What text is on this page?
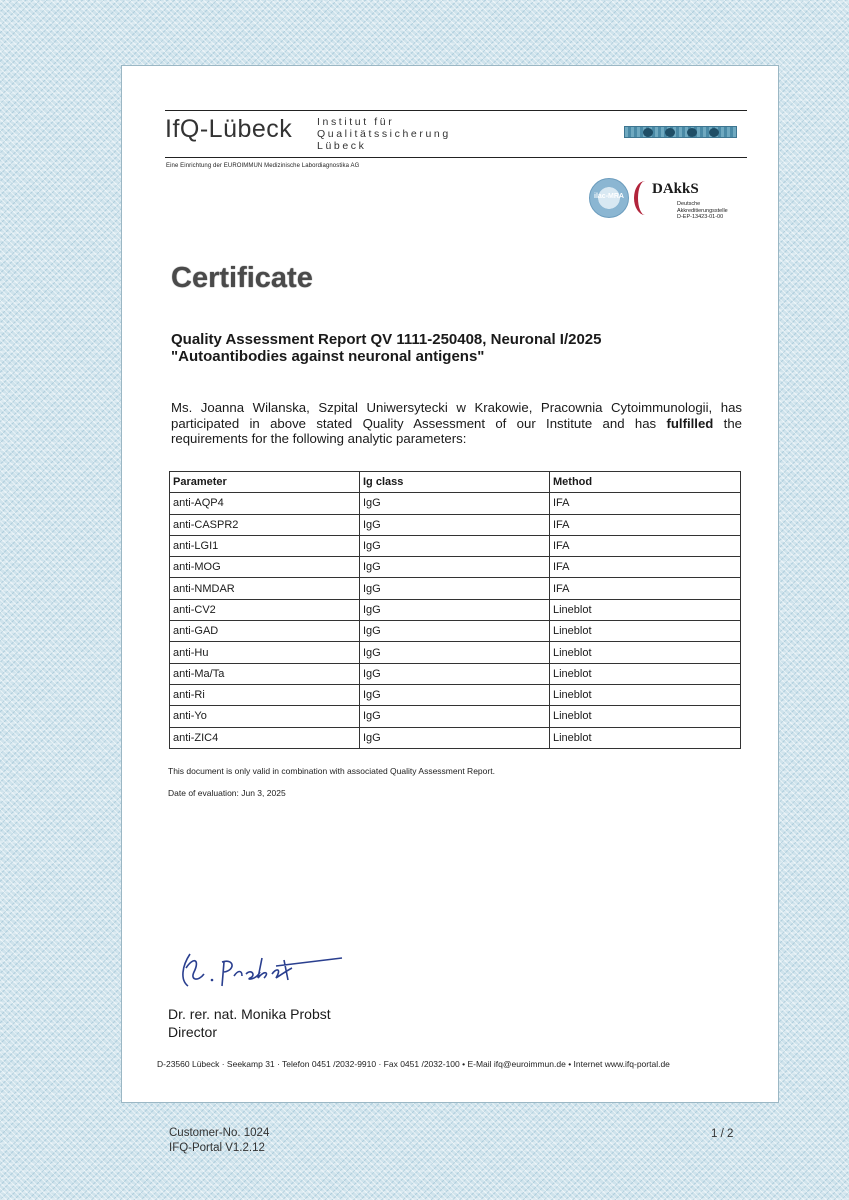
IfQ-Lübeck Institut für
Qualitätssicherung
Lübeck
Eine Einrichtung der EUROIMMUN Medizinische Labordiagnostika AG
ilac-MRA	DAkkS
Deutsche
Akkreditierungsstelle
D-EP-13423-01-00
Certificate
Quality Assessment Report QV 1111-250408, Neuronal I/2025
"Autoantibodies against neuronal antigens"
Ms. Joanna Wilanska, Szpital Uniwersytecki w Krakowie, Pracownia Cytoimmunologii, has participated in above stated Quality Assessment of our Institute and has fulfilled the requirements for the following analytic parameters:
Parameter	Ig class	Method
anti-AQP4	IgG	IFA
anti-CASPR2	IgG	IFA
anti-LGI1	IgG	IFA
anti-MOG	IgG	IFA
anti-NMDAR	IgG	IFA
anti-CV2	IgG	Lineblot
anti-GAD	IgG	Lineblot
anti-Hu	IgG	Lineblot
anti-Ma/Ta	IgG	Lineblot
anti-Ri	IgG	Lineblot
anti-Yo	IgG	Lineblot
anti-ZIC4	IgG	Lineblot
This document is only valid in combination with associated Quality Assessment Report.
Date of evaluation: Jun 3, 2025
Dr. rer. nat. Monika Probst
Director
D-23560 Lübeck · Seekamp 31 · Telefon 0451 /2032-9910 · Fax 0451 /2032-100 • E-Mail ifq@euroimmun.de • Internet www.ifq-portal.de
Customer-No. 1024
IFQ-Portal V1.2.12
1 / 2
